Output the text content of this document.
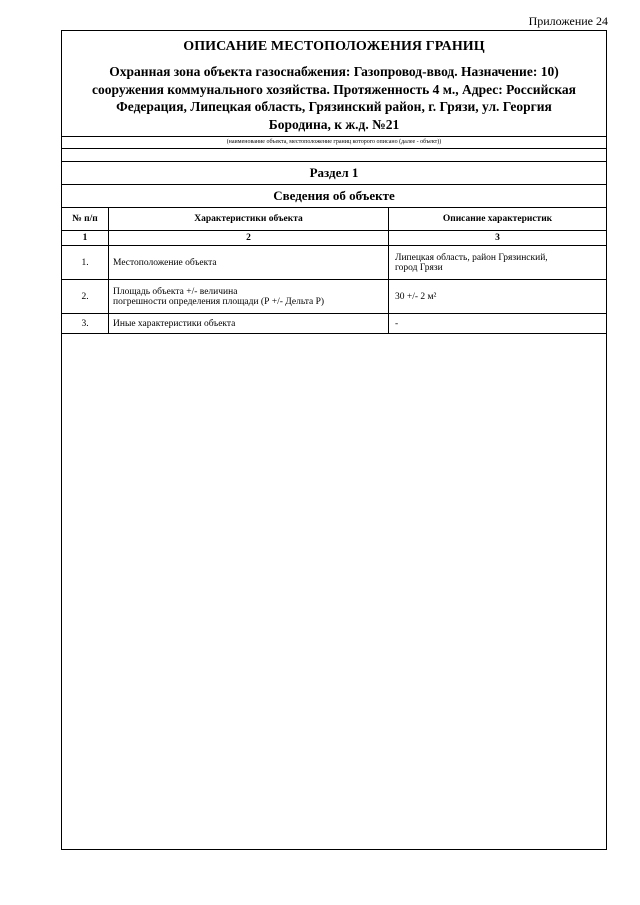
Приложение 24
ОПИСАНИЕ МЕСТОПОЛОЖЕНИЯ ГРАНИЦ
Охранная зона объекта газоснабжения: Газопровод-ввод. Назначение: 10)
сооружения коммунального хозяйства. Протяженность 4 м., Адрес: Российская
Федерация, Липецкая область, Грязинский район, г. Грязи, ул. Георгия
Бородина, к ж.д. №21
(наименование объекта, местоположение границ которого описано (далее - объект))
Раздел 1
Сведения об объекте
№ п/п	Характеристики объекта	Описание характеристик
1	2	3
1.	Местоположение объекта	Липецкая область, район Грязинский,
город Грязи

2.	Площадь объекта +/- величина
погрешности определения площади (Р +/- Дельта Р)	30 +/- 2 м²

3.	Иные характеристики объекта	-
